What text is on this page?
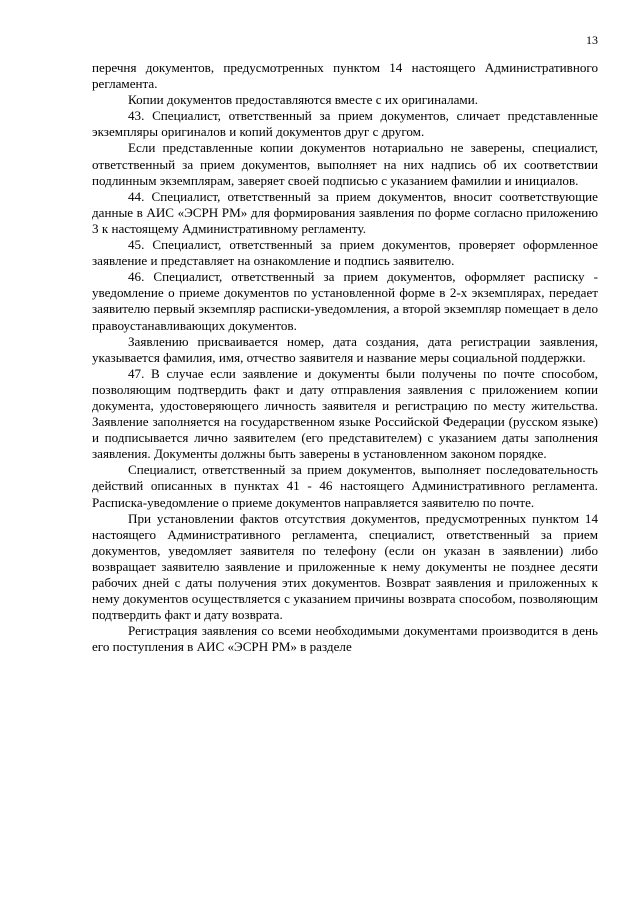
13

перечня документов, предусмотренных пунктом 14 настоящего Административного регламента.

Копии документов предоставляются вместе с их оригиналами.

43. Специалист, ответственный за прием документов, сличает представленные экземпляры оригиналов и копий документов друг с другом.

Если представленные копии документов нотариально не заверены, специалист, ответственный за прием документов, выполняет на них надпись об их соответствии подлинным экземплярам, заверяет своей подписью с указанием фамилии и инициалов.

44. Специалист, ответственный за прием документов, вносит соответствующие данные в АИС «ЭСРН РМ» для формирования заявления по форме согласно приложению 3 к настоящему Административному регламенту.

45. Специалист, ответственный за прием документов, проверяет оформленное заявление и представляет на ознакомление и подпись заявителю.

46. Специалист, ответственный за прием документов, оформляет расписку - уведомление о приеме документов по установленной форме в 2-х экземплярах, передает заявителю первый экземпляр расписки-уведомления, а второй экземпляр помещает в дело правоустанавливающих документов.

Заявлению присваивается номер, дата создания, дата регистрации заявления, указывается фамилия, имя, отчество заявителя и название меры социальной поддержки.

47. В случае если заявление и документы были получены по почте способом, позволяющим подтвердить факт и дату отправления заявления с приложением копии документа, удостоверяющего личность заявителя и регистрацию по месту жительства. Заявление заполняется на государственном языке Российской Федерации (русском языке) и подписывается лично заявителем (его представителем) с указанием даты заполнения заявления. Документы должны быть заверены в установленном законом порядке.

Специалист, ответственный за прием документов, выполняет последовательность действий описанных в пунктах 41 - 46 настоящего Административного регламента. Расписка-уведомление о приеме документов направляется заявителю по почте.

При установлении фактов отсутствия документов, предусмотренных пунктом 14 настоящего Административного регламента, специалист, ответственный за прием документов, уведомляет заявителя по телефону (если он указан в заявлении) либо возвращает заявителю заявление и приложенные к нему документы не позднее десяти рабочих дней с даты получения этих документов. Возврат заявления и приложенных к нему документов осуществляется с указанием причины возврата способом, позволяющим подтвердить факт и дату возврата.

Регистрация заявления со всеми необходимыми документами производится в день его поступления в АИС «ЭСРН РМ» в разделе
